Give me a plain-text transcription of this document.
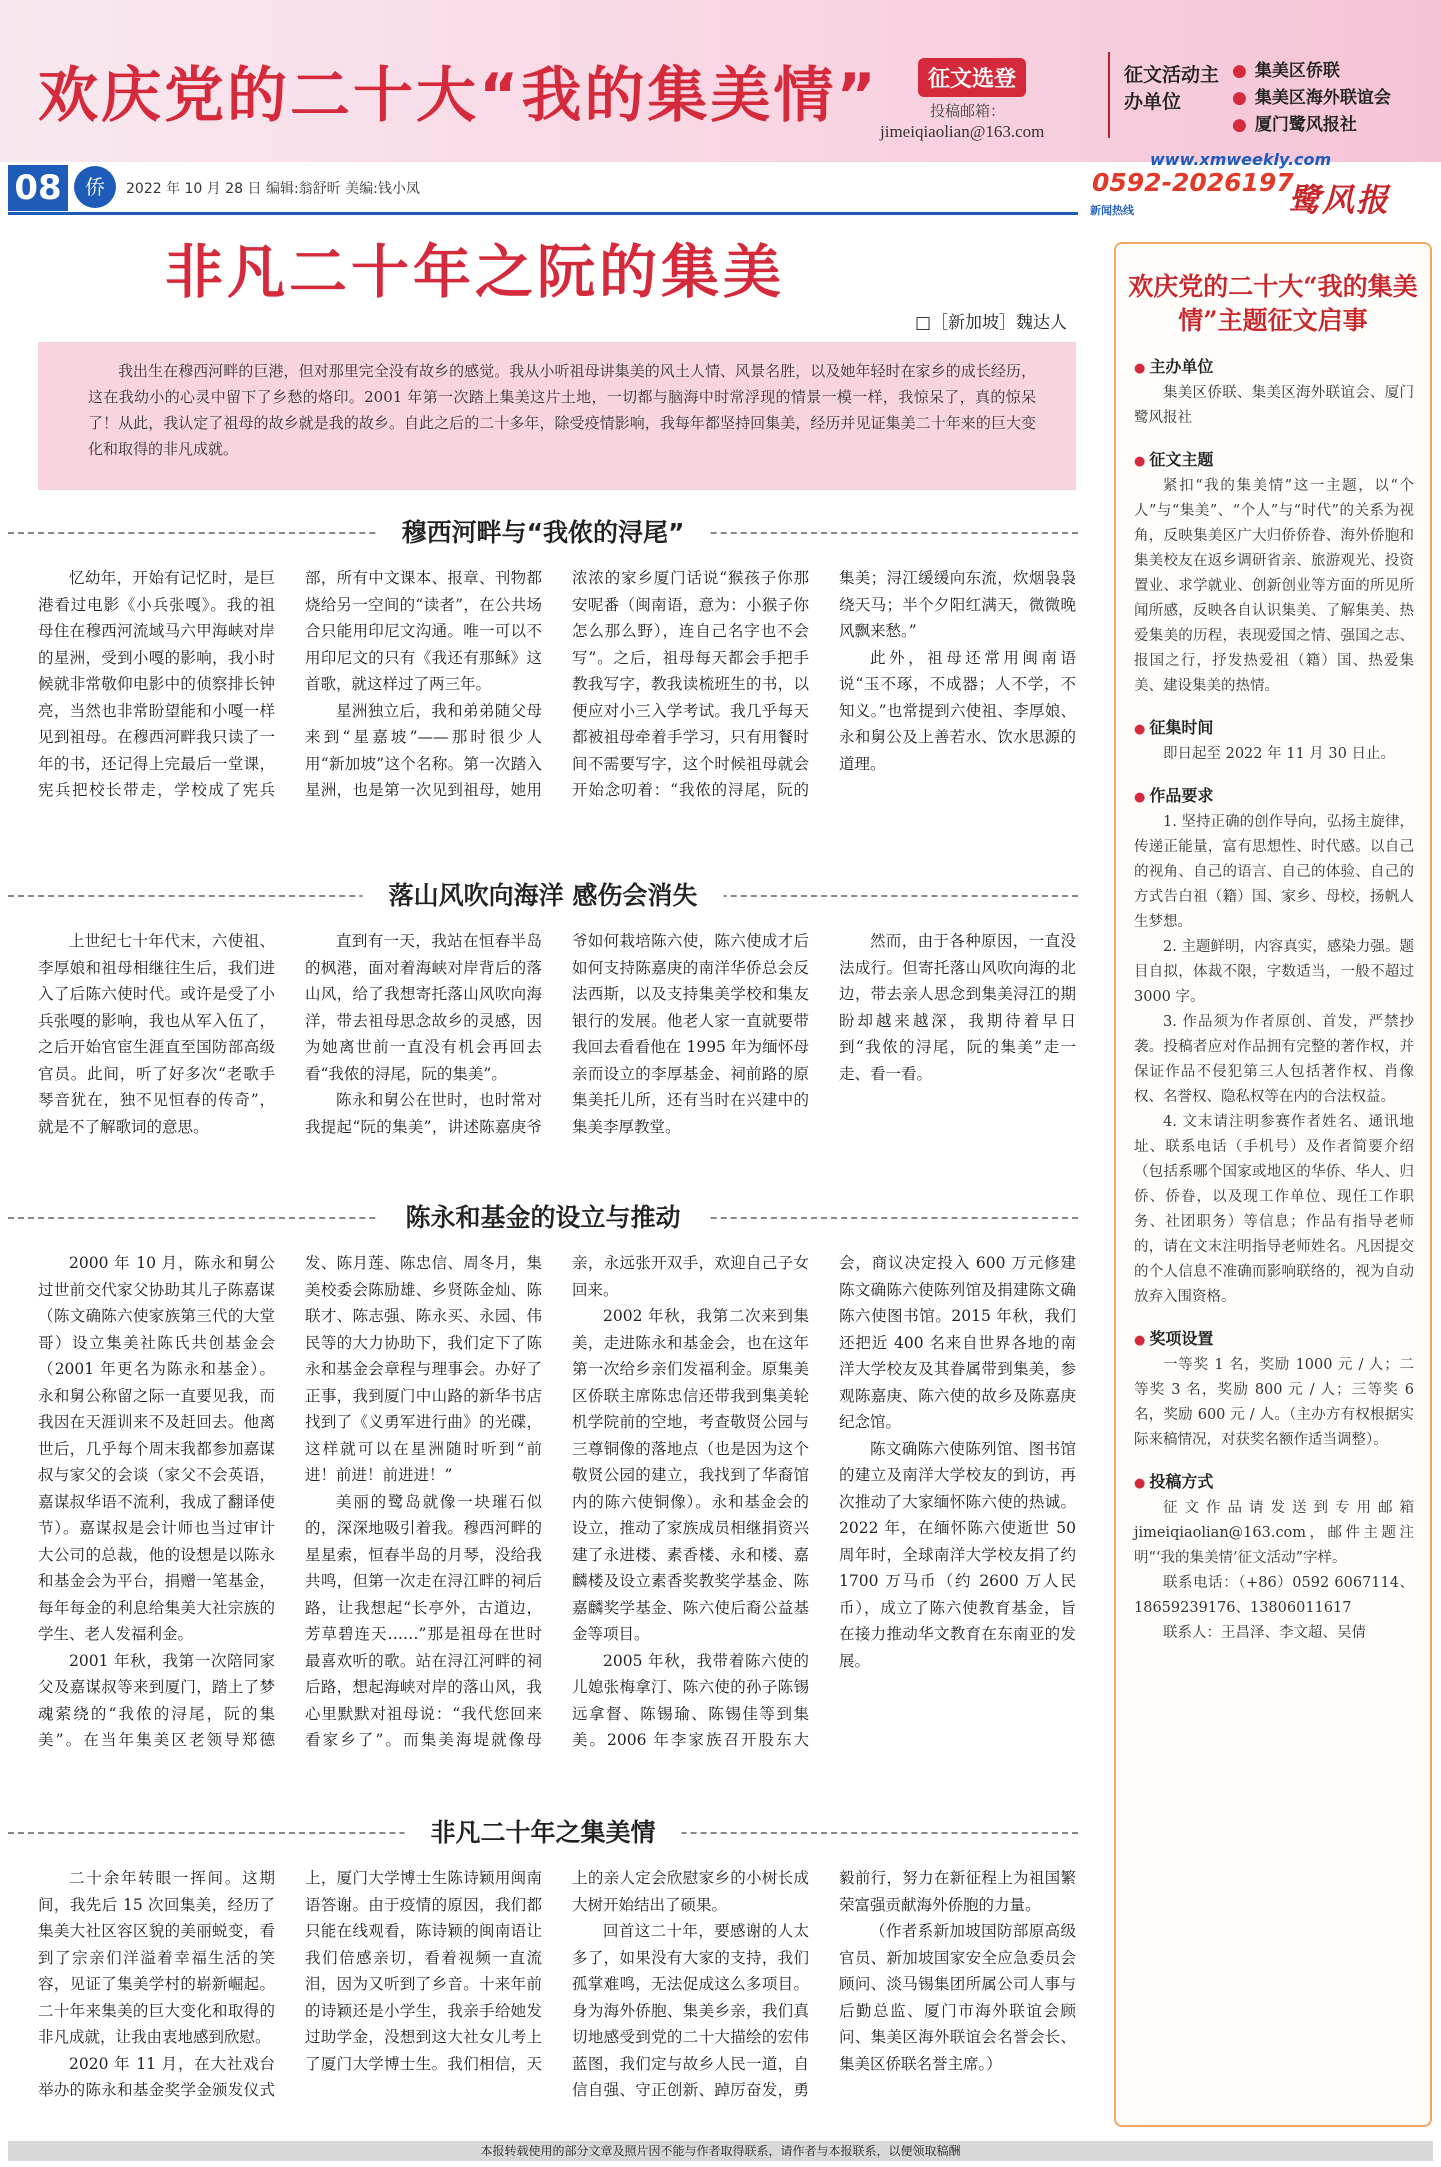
欢庆党的二十大“我的集美情”	征文选登
投稿邮箱：
jimeiqiaolian@163.com
征文活动主办单位
● 集美区侨联
● 集美区海外联谊会
● 厦门鹭风报社
08	侨	2022 年 10 月 28 日 编辑:翁舒昕 美编:钱小凤
www.xmweekly.com
0592-2026197
新闻热线	鹭风报
非凡二十年之阮的集美
□［新加坡］魏达人

我出生在穆西河畔的巨港，但对那里完全没有故乡的感觉。我从小听祖母讲集美的风土人情、风景名胜，以及她年轻时在家乡的成长经历，这在我幼小的心灵中留下了乡愁的烙印。2001 年第一次踏上集美这片土地，一切都与脑海中时常浮现的情景一模一样，我惊呆了，真的惊呆了！从此，我认定了祖母的故乡就是我的故乡。自此之后的二十多年，除受疫情影响，我每年都坚持回集美，经历并见证集美二十年来的巨大变化和取得的非凡成就。

穆西河畔与“我侬的浔尾”

忆幼年，开始有记忆时，是巨港看过电影《小兵张嘎》。我的祖母住在穆西河流域马六甲海峡对岸的星洲，受到小嘎的影响，我小时候就非常敬仰电影中的侦察排长钟亮，当然也非常盼望能和小嘎一样见到祖母。在穆西河畔我只读了一年的书，还记得上完最后一堂课，宪兵把校长带走，学校成了宪兵部，所有中文课本、报章、刊物都烧给另一空间的“读者”，在公共场合只能用印尼文沟通。唯一可以不用印尼文的只有《我还有那稣》这首歌，就这样过了两三年。

星洲独立后，我和弟弟随父母来到“星嘉坡”——那时很少人用“新加坡”这个名称。第一次踏入星洲，也是第一次见到祖母，她用浓浓的家乡厦门话说“猴孩子你那安呢番（闽南语，意为：小猴子你怎么那么野），连自己名字也不会写”。之后，祖母每天都会手把手教我写字，教我读梳班生的书，以便应对小三入学考试。我几乎每天都被祖母牵着手学习，只有用餐时间不需要写字，这个时候祖母就会开始念叨着：“我侬的浔尾，阮的集美；浔江缓缓向东流，炊烟袅袅绕天马；半个夕阳红满天，微微晚风飘来愁。”

此外，祖母还常用闽南语说“玉不琢，不成器；人不学，不知义。”也常提到六使祖、李厚娘、永和舅公及上善若水、饮水思源的道理。

落山风吹向海洋 感伤会消失

上世纪七十年代末，六使祖、李厚娘和祖母相继往生后，我们进入了后陈六使时代。或许是受了小兵张嘎的影响，我也从军入伍了，之后开始官宦生涯直至国防部高级官员。此间，听了好多次“老歌手琴音犹在，独不见恒春的传奇”，就是不了解歌词的意思。

直到有一天，我站在恒春半岛的枫港，面对着海峡对岸背后的落山风，给了我想寄托落山风吹向海洋，带去祖母思念故乡的灵感，因为她离世前一直没有机会再回去看“我侬的浔尾，阮的集美”。

陈永和舅公在世时，也时常对我提起“阮的集美”，讲述陈嘉庚爷爷如何栽培陈六使，陈六使成才后如何支持陈嘉庚的南洋华侨总会反法西斯，以及支持集美学校和集友银行的发展。他老人家一直就要带我回去看看他在 1995 年为缅怀母亲而设立的李厚基金、祠前路的原集美托儿所，还有当时在兴建中的集美李厚教堂。

然而，由于各种原因，一直没法成行。但寄托落山风吹向海的北边，带去亲人思念到集美浔江的期盼却越来越深，我期待着早日到“我侬的浔尾，阮的集美”走一走、看一看。

陈永和基金的设立与推动

2000 年 10 月，陈永和舅公过世前交代家父协助其儿子陈嘉谋（陈文确陈六使家族第三代的大堂哥）设立集美社陈氏共创基金会（2001 年更名为陈永和基金）。永和舅公称留之际一直要见我，而我因在天涯训来不及赶回去。他离世后，几乎每个周末我都参加嘉谋叔与家父的会谈（家父不会英语，嘉谋叔华语不流利，我成了翻译使节）。嘉谋叔是会计师也当过审计大公司的总裁，他的设想是以陈永和基金会为平台，捐赠一笔基金，每年每金的利息给集美大社宗族的学生、老人发福利金。

2001 年秋，我第一次陪同家父及嘉谋叔等来到厦门，踏上了梦魂萦绕的“我侬的浔尾，阮的集美”。在当年集美区老领导郑德发、陈月莲、陈忠信、周冬月，集美校委会陈励雄、乡贤陈金灿、陈联才、陈志强、陈永买、永园、伟民等的大力协助下，我们定下了陈永和基金会章程与理事会。办好了正事，我到厦门中山路的新华书店找到了《义勇军进行曲》的光碟，这样就可以在星洲随时听到“前进！前进！前进进！”

美丽的鹭岛就像一块璀石似的，深深地吸引着我。穆西河畔的星星索，恒春半岛的月琴，没给我共鸣，但第一次走在浔江畔的祠后路，让我想起“长亭外，古道边，芳草碧连天……”那是祖母在世时最喜欢听的歌。站在浔江河畔的祠后路，想起海峡对岸的落山风，我心里默默对祖母说：“我代您回来看家乡了”。而集美海堤就像母亲，永远张开双手，欢迎自己子女回来。

2002 年秋，我第二次来到集美，走进陈永和基金会，也在这年第一次给乡亲们发福利金。原集美区侨联主席陈忠信还带我到集美轮机学院前的空地，考查敬贤公园与三尊铜像的落地点（也是因为这个敬贤公园的建立，我找到了华裔馆内的陈六使铜像）。永和基金会的设立，推动了家族成员相继捐资兴建了永进楼、素香楼、永和楼、嘉麟楼及设立素香奖教奖学基金、陈嘉麟奖学基金、陈六使后裔公益基金等项目。

2005 年秋，我带着陈六使的儿媳张梅拿汀、陈六使的孙子陈锡远拿督、陈锡瑜、陈锡佳等到集美。2006 年李家族召开股东大会，商议决定投入 600 万元修建陈文确陈六使陈列馆及捐建陈文确陈六使图书馆。2015 年秋，我们还把近 400 名来自世界各地的南洋大学校友及其眷属带到集美，参观陈嘉庚、陈六使的故乡及陈嘉庚纪念馆。

陈文确陈六使陈列馆、图书馆的建立及南洋大学校友的到访，再次推动了大家缅怀陈六使的热诚。2022 年，在缅怀陈六使逝世 50 周年时，全球南洋大学校友捐了约 1700 万马币（约 2600 万人民币），成立了陈六使教育基金，旨在接力推动华文教育在东南亚的发展。

非凡二十年之集美情

二十余年转眼一挥间。这期间，我先后 15 次回集美，经历了集美大社区容区貌的美丽蜕变，看到了宗亲们洋溢着幸福生活的笑容，见证了集美学村的崭新崛起。二十年来集美的巨大变化和取得的非凡成就，让我由衷地感到欣慰。

2020 年 11 月，在大社戏台举办的陈永和基金奖学金颁发仪式上，厦门大学博士生陈诗颖用闽南语答谢。由于疫情的原因，我们都只能在线观看，陈诗颖的闽南语让我们倍感亲切，看着视频一直流泪，因为又听到了乡音。十来年前的诗颖还是小学生，我亲手给她发过助学金，没想到这大社女儿考上了厦门大学博士生。我们相信，天上的亲人定会欣慰家乡的小树长成大树开始结出了硕果。

回首这二十年，要感谢的人太多了，如果没有大家的支持，我们孤掌难鸣，无法促成这么多项目。身为海外侨胞、集美乡亲，我们真切地感受到党的二十大描绘的宏伟蓝图，我们定与故乡人民一道，自信自强、守正创新、踔厉奋发，勇毅前行，努力在新征程上为祖国繁荣富强贡献海外侨胞的力量。

（作者系新加坡国防部原高级官员、新加坡国家安全应急委员会顾问、淡马锡集团所属公司人事与后勤总监、厦门市海外联谊会顾问、集美区海外联谊会名誉会长、集美区侨联名誉主席。）

欢庆党的二十大“我的集美情”主题征文启事
● 主办单位

集美区侨联、集美区海外联谊会、厦门鹭风报社

● 征文主题

紧扣“我的集美情”这一主题，以“个人”与“集美”、“个人”与“时代”的关系为视角，反映集美区广大归侨侨眷、海外侨胞和集美校友在返乡调研省亲、旅游观光、投资置业、求学就业、创新创业等方面的所见所闻所感，反映各自认识集美、了解集美、热爱集美的历程，表现爱国之情、强国之志、报国之行，抒发热爱祖（籍）国、热爱集美、建设集美的热情。

● 征集时间

即日起至 2022 年 11 月 30 日止。

● 作品要求

1. 坚持正确的创作导向，弘扬主旋律，传递正能量，富有思想性、时代感。以自己的视角、自己的语言、自己的体验、自己的方式告白祖（籍）国、家乡、母校，扬帆人生梦想。

2. 主题鲜明，内容真实，感染力强。题目自拟，体裁不限，字数适当，一般不超过 3000 字。

3. 作品须为作者原创、首发，严禁抄袭。投稿者应对作品拥有完整的著作权，并保证作品不侵犯第三人包括著作权、肖像权、名誉权、隐私权等在内的合法权益。

4. 文末请注明参赛作者姓名、通讯地址、联系电话（手机号）及作者简要介绍（包括系哪个国家或地区的华侨、华人、归侨、侨眷，以及现工作单位、现任工作职务、社团职务）等信息；作品有指导老师的，请在文末注明指导老师姓名。凡因提交的个人信息不准确而影响联络的，视为自动放弃入围资格。

● 奖项设置

一等奖 1 名，奖励 1000 元 / 人；二等奖 3 名，奖励 800 元 / 人；三等奖 6 名，奖励 600 元 / 人。（主办方有权根据实际来稿情况，对获奖名额作适当调整）。

● 投稿方式

征文作品请发送到专用邮箱 jimeiqiaolian@163.com，邮件主题注明“‘我的集美情’征文活动”字样。

联系电话：（+86）0592 6067114、18659239176、13806011617

联系人：王昌泽、李文超、吴倩

本报转载使用的部分文章及照片因不能与作者取得联系，请作者与本报联系，以便领取稿酬
